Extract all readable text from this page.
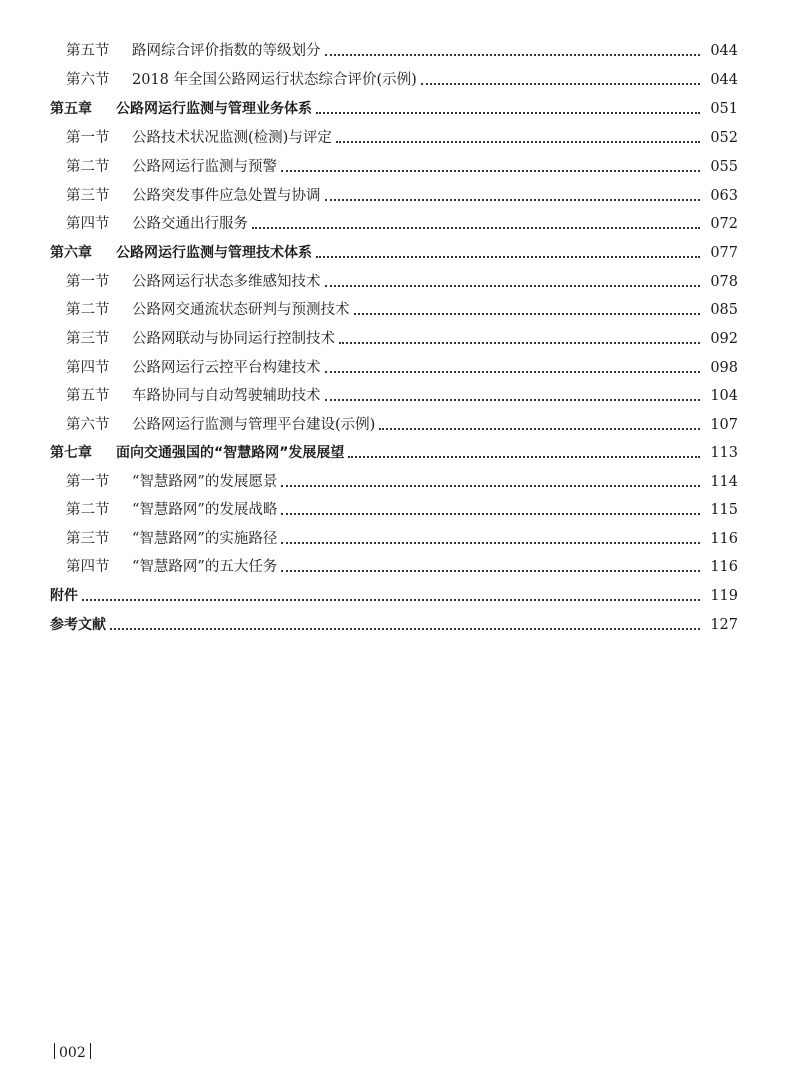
第五节	路网综合评价指数的等级划分	044
第六节	2018 年全国公路网运行状态综合评价(示例)	044
第五章	公路网运行监测与管理业务体系	051
第一节	公路技术状况监测(检测)与评定	052
第二节	公路网运行监测与预警	055
第三节	公路突发事件应急处置与协调	063
第四节	公路交通出行服务	072
第六章	公路网运行监测与管理技术体系	077
第一节	公路网运行状态多维感知技术	078
第二节	公路网交通流状态研判与预测技术	085
第三节	公路网联动与协同运行控制技术	092
第四节	公路网运行云控平台构建技术	098
第五节	车路协同与自动驾驶辅助技术	104
第六节	公路网运行监测与管理平台建设(示例)	107
第七章	面向交通强国的“智慧路网”发展展望	113
第一节	“智慧路网”的发展愿景	114
第二节	“智慧路网”的发展战略	115
第三节	“智慧路网”的实施路径	116
第四节	“智慧路网”的五大任务	116
附件	119
参考文献	127
002
